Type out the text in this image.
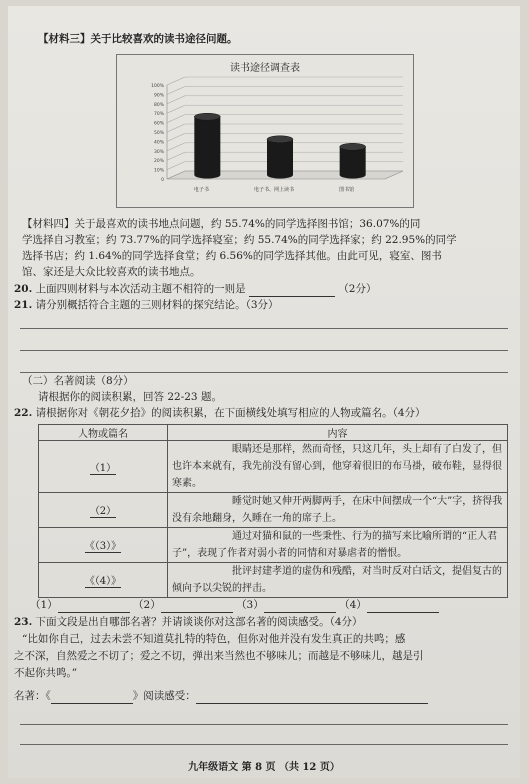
【材料三】关于比较喜欢的读书途径问题。
读书途径调查表
0
10%
20%
30%
40%
50%
60%
70%
80%
90%
100%
电子书	电子书、网上读书	图书馆
【材料四】关于最喜欢的读书地点问题，约 55.74%的同学选择图书馆；36.07%的同
学选择自习教室；约 73.77%的同学选择寝室；约 55.74%的同学选择家；约 22.95%的同学
选择书店；约 1.64%的同学选择食堂；约 6.56%的同学选择其他。由此可见，寝室、图书
馆、家还是大众比较喜欢的读书地点。
20. 上面四则材料与本次活动主题不相符的一则是	（2分）
21. 请分别概括符合主题的三则材料的探究结论。（3分）
（二）名著阅读（8分）
请根据你的阅读积累，回答 22-23 题。
22. 请根据你对《朝花夕拾》的阅读积累，在下面横线处填写相应的人物或篇名。（4分）
人物或篇名	内容
（1）	眼睛还是那样，然而奇怪，只这几年，头上却有了白发了，但也许本来就有，我先前没有留心到，他穿着很旧的布马褂，破布鞋，显得很寒素。
（2）	睡觉时她又伸开两脚两手，在床中间摆成一个“大”字，挤得我没有余地翻身，久睡在一角的席子上。
《（3）》	通过对猫和鼠的一些秉性、行为的描写来比喻所谓的“正人君子”，表现了作者对弱小者的同情和对暴虐者的憎恨。
《（4）》	批评封建孝道的虚伪和残酷，对当时反对白话文，提倡复古的倾向予以尖锐的抨击。
（1）	（2）	（3）	（4）
23. 下面文段是出自哪部名著？并请谈谈你对这部名著的阅读感受。（4分）
“比如你自己，过去未尝不知道莫扎特的特色，但你对他并没有发生真正的共鸣；感
之不深，自然爱之不切了；爱之不切，弹出来当然也不够味儿；而越是不够味儿，越是引
不起你共鸣。”
名著：《	》阅读感受：
九年级语文 第 8 页 （共 12 页）
